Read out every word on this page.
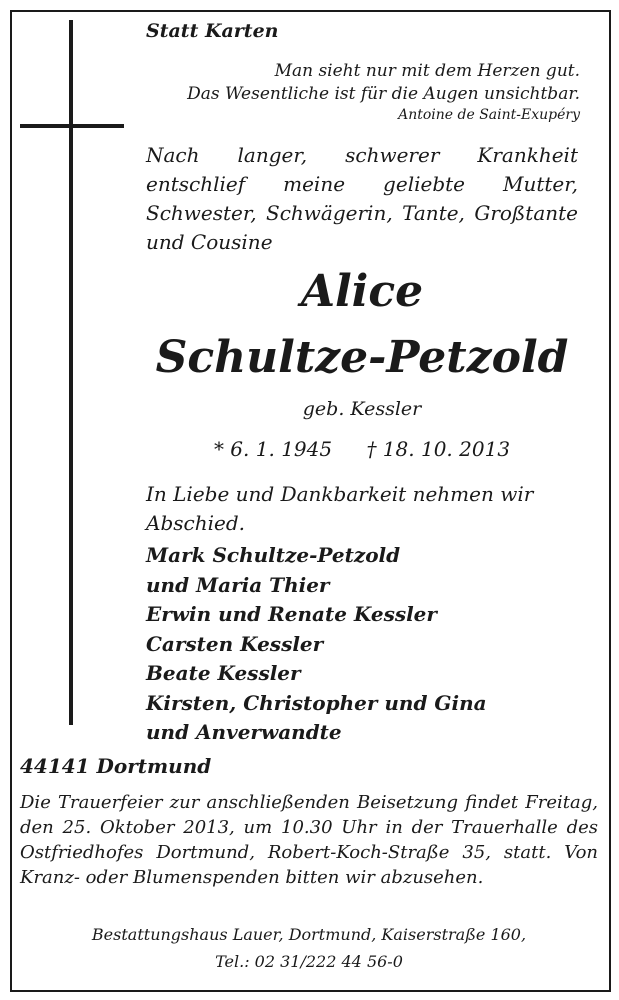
Statt Karten
Man sieht nur mit dem Herzen gut.
Das Wesentliche ist für die Augen unsichtbar.
Antoine de Saint-Exupéry
Nach langer, schwerer Krankheit entschlief meine geliebte Mutter, Schwester, Schwägerin, Tante, Großtante und Cousine
Alice
Schultze-Petzold
geb. Kessler
* 6. 1. 1945 † 18. 10. 2013
In Liebe und Dankbarkeit nehmen wir Abschied.
Mark Schultze-Petzold
und Maria Thier
Erwin und Renate Kessler
Carsten Kessler
Beate Kessler
Kirsten, Christopher und Gina
und Anverwandte
44141 Dortmund
Die Trauerfeier zur anschließenden Beisetzung findet Freitag, den 25. Oktober 2013, um 10.30 Uhr in der Trauerhalle des Ostfriedhofes Dortmund, Robert-Koch-Straße 35, statt. Von Kranz- oder Blumenspenden bitten wir abzusehen.
Bestattungshaus Lauer, Dortmund, Kaiserstraße 160,
Tel.: 02 31/222 44 56-0
